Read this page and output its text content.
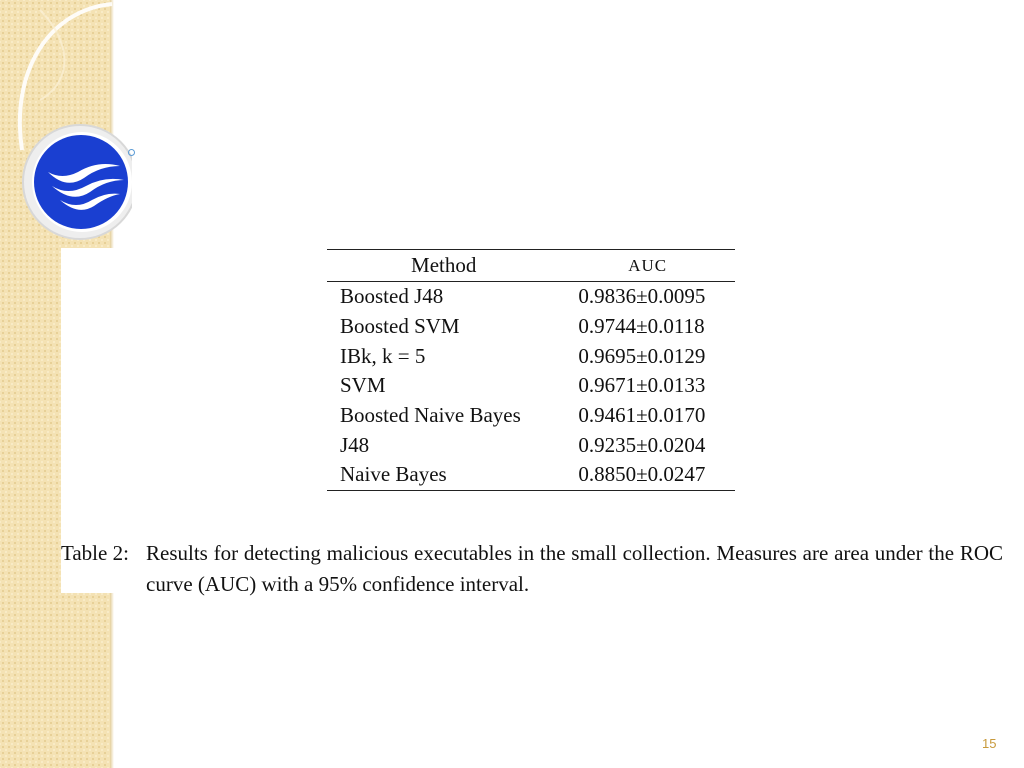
Method	AUC
Boosted J48	0.9836±0.0095
Boosted SVM	0.9744±0.0118
IBk, k = 5	0.9695±0.0129
SVM	0.9671±0.0133
Boosted Naive Bayes	0.9461±0.0170
J48	0.9235±0.0204
Naive Bayes	0.8850±0.0247
Table 2: Results for detecting malicious executables in the small collection. Measures are area under the ROC curve (AUC) with a 95% confidence interval.
15
